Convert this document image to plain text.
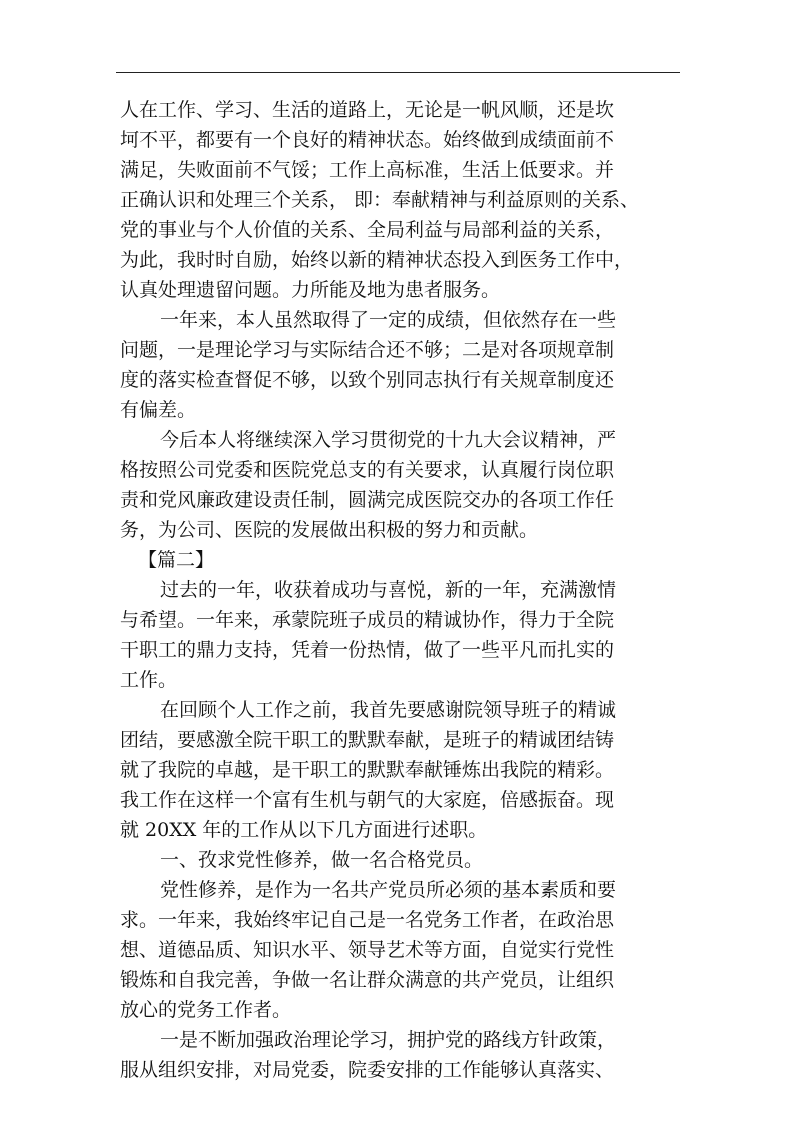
人在工作、学习、生活的道路上，无论是一帆风顺，还是坎
坷不平，都要有一个良好的精神状态。始终做到成绩面前不
满足，失败面前不气馁；工作上高标准，生活上低要求。并
正确认识和处理三个关系， 即：奉献精神与利益原则的关系、
党的事业与个人价值的关系、全局利益与局部利益的关系，
为此，我时时自励，始终以新的精神状态投入到医务工作中，
认真处理遗留问题。力所能及地为患者服务。
一年来，本人虽然取得了一定的成绩，但依然存在一些
问题，一是理论学习与实际结合还不够；二是对各项规章制
度的落实检查督促不够，以致个别同志执行有关规章制度还
有偏差。
今后本人将继续深入学习贯彻党的十九大会议精神，严
格按照公司党委和医院党总支的有关要求，认真履行岗位职
责和党风廉政建设责任制，圆满完成医院交办的各项工作任
务，为公司、医院的发展做出积极的努力和贡献。
【篇二】
过去的一年，收获着成功与喜悦，新的一年，充满激情
与希望。一年来，承蒙院班子成员的精诚协作，得力于全院
干职工的鼎力支持，凭着一份热情，做了一些平凡而扎实的
工作。
在回顾个人工作之前，我首先要感谢院领导班子的精诚
团结，要感激全院干职工的默默奉献，是班子的精诚团结铸
就了我院的卓越，是干职工的默默奉献锤炼出我院的精彩。
我工作在这样一个富有生机与朝气的大家庭，倍感振奋。现
就 20XX 年的工作从以下几方面进行述职。
一、孜求党性修养，做一名合格党员。
党性修养，是作为一名共产党员所必须的基本素质和要
求。一年来，我始终牢记自己是一名党务工作者，在政治思
想、道德品质、知识水平、领导艺术等方面，自觉实行党性
锻炼和自我完善，争做一名让群众满意的共产党员，让组织
放心的党务工作者。
一是不断加强政治理论学习，拥护党的路线方针政策，
服从组织安排，对局党委，院委安排的工作能够认真落实、
